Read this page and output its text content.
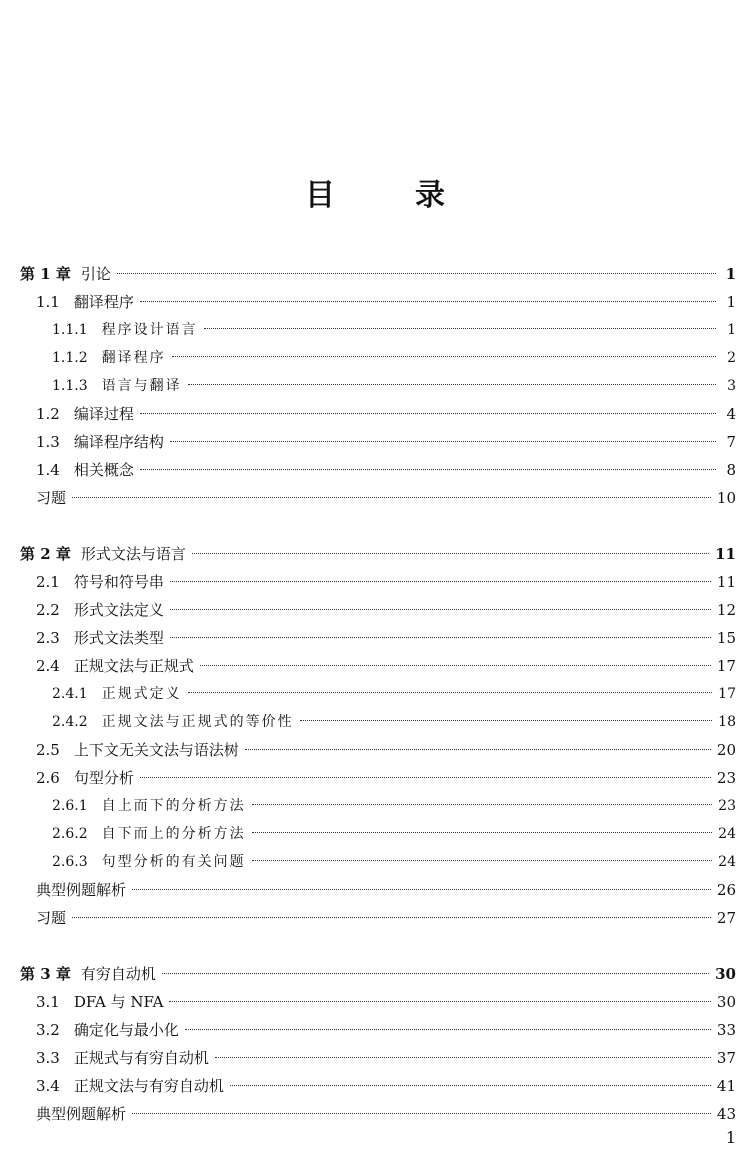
目	录
第 1 章 引论	1
1.1 翻译程序	1
1.1.1 程序设计语言	1
1.1.2 翻译程序	2
1.1.3 语言与翻译	3
1.2 编译过程	4
1.3 编译程序结构	7
1.4 相关概念	8
习题	10
第 2 章 形式文法与语言	11
2.1 符号和符号串	11
2.2 形式文法定义	12
2.3 形式文法类型	15
2.4 正规文法与正规式	17
2.4.1 正规式定义	17
2.4.2 正规文法与正规式的等价性	18
2.5 上下文无关文法与语法树	20
2.6 句型分析	23
2.6.1 自上而下的分析方法	23
2.6.2 自下而上的分析方法	24
2.6.3 句型分析的有关问题	24
典型例题解析	26
习题	27
第 3 章 有穷自动机	30
3.1 DFA 与 NFA	30
3.2 确定化与最小化	33
3.3 正规式与有穷自动机	37
3.4 正规文法与有穷自动机	41
典型例题解析	43
1
